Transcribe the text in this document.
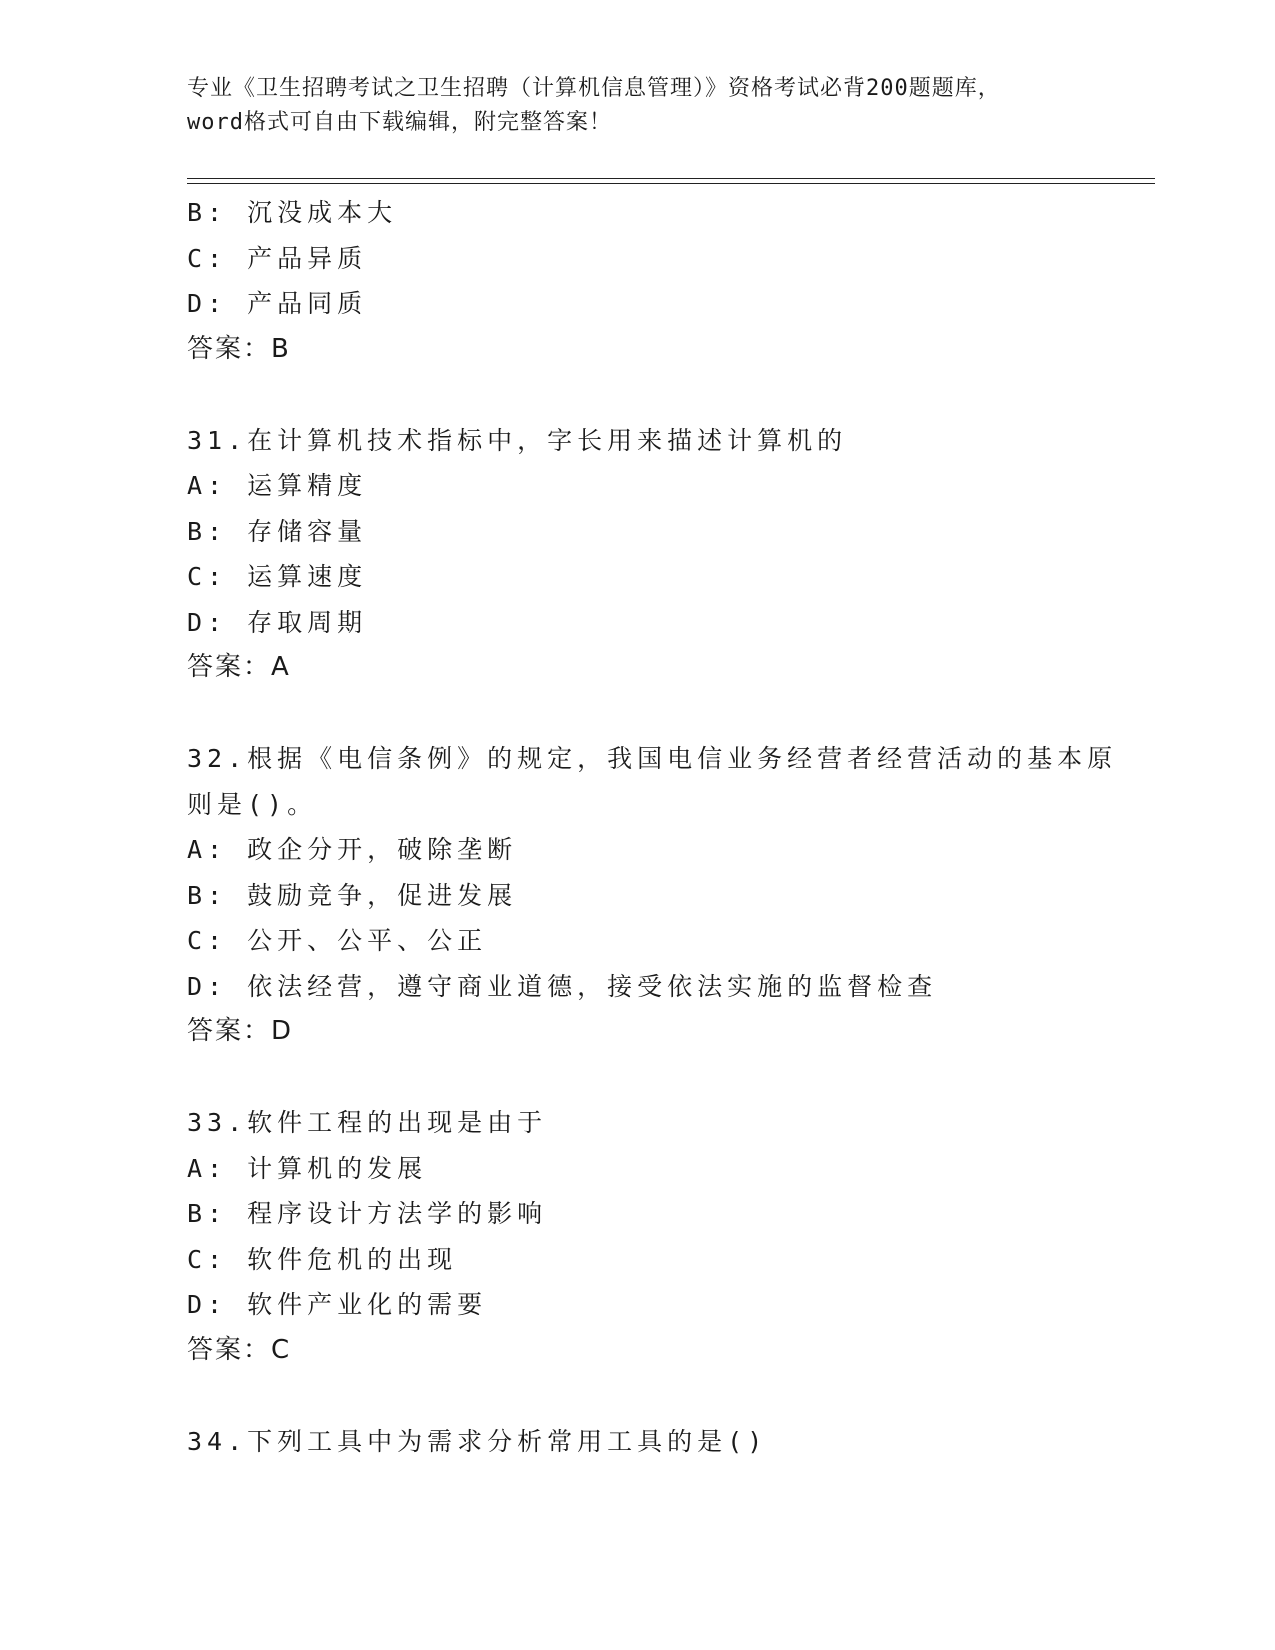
专业《卫生招聘考试之卫生招聘（计算机信息管理）》资格考试必背200题题库，
word格式可自由下载编辑，附完整答案！
B: 沉没成本大
C: 产品异质
D: 产品同质
答案：B
31.在计算机技术指标中，字长用来描述计算机的
A: 运算精度
B: 存储容量
C: 运算速度
D: 存取周期
答案：A
32.根据《电信条例》的规定，我国电信业务经营者经营活动的基本原
则是()。
A: 政企分开，破除垄断
B: 鼓励竞争，促进发展
C: 公开、公平、公正
D: 依法经营，遵守商业道德，接受依法实施的监督检查
答案：D
33.软件工程的出现是由于
A: 计算机的发展
B: 程序设计方法学的影响
C: 软件危机的出现
D: 软件产业化的需要
答案：C
34.下列工具中为需求分析常用工具的是()
